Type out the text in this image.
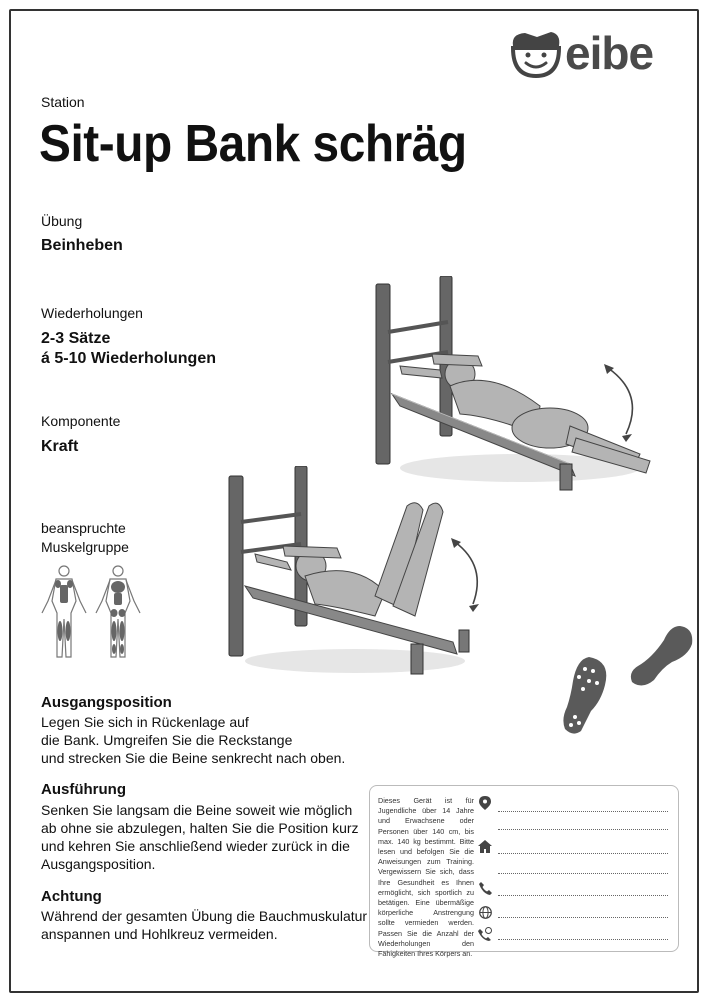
eibe
Station
Sit-up Bank schräg
Übung
Beinheben
Wiederholungen
2-3 Sätze
á 5-10 Wiederholungen
Komponente
Kraft
beanspruchte
Muskelgruppe
Ausgangsposition
Legen Sie sich in Rückenlage auf
die Bank. Umgreifen Sie die Reckstange
und strecken Sie die Beine senkrecht nach oben.
Ausführung
Senken Sie langsam die Beine soweit wie möglich
ab ohne sie abzulegen, halten Sie die Position kurz
und kehren Sie anschließend wieder zurück in die
Ausgangsposition.
Achtung
Während der gesamten Übung die Bauchmuskulatur
anspannen und Hohlkreuz vermeiden.
Dieses Gerät ist für Jugendliche über 14 Jahre und Erwachsene oder Personen über 140 cm, bis max. 140 kg bestimmt. Bitte lesen und befolgen Sie die Anweisungen zum Training. Vergewissern Sie sich, dass Ihre Gesundheit es Ihnen ermöglicht, sich sportlich zu betätigen. Eine übermäßige körperliche Anstrengung sollte vermieden werden. Passen Sie die Anzahl der Wiederholungen den Fähigkeiten Ihres Körpers an.
